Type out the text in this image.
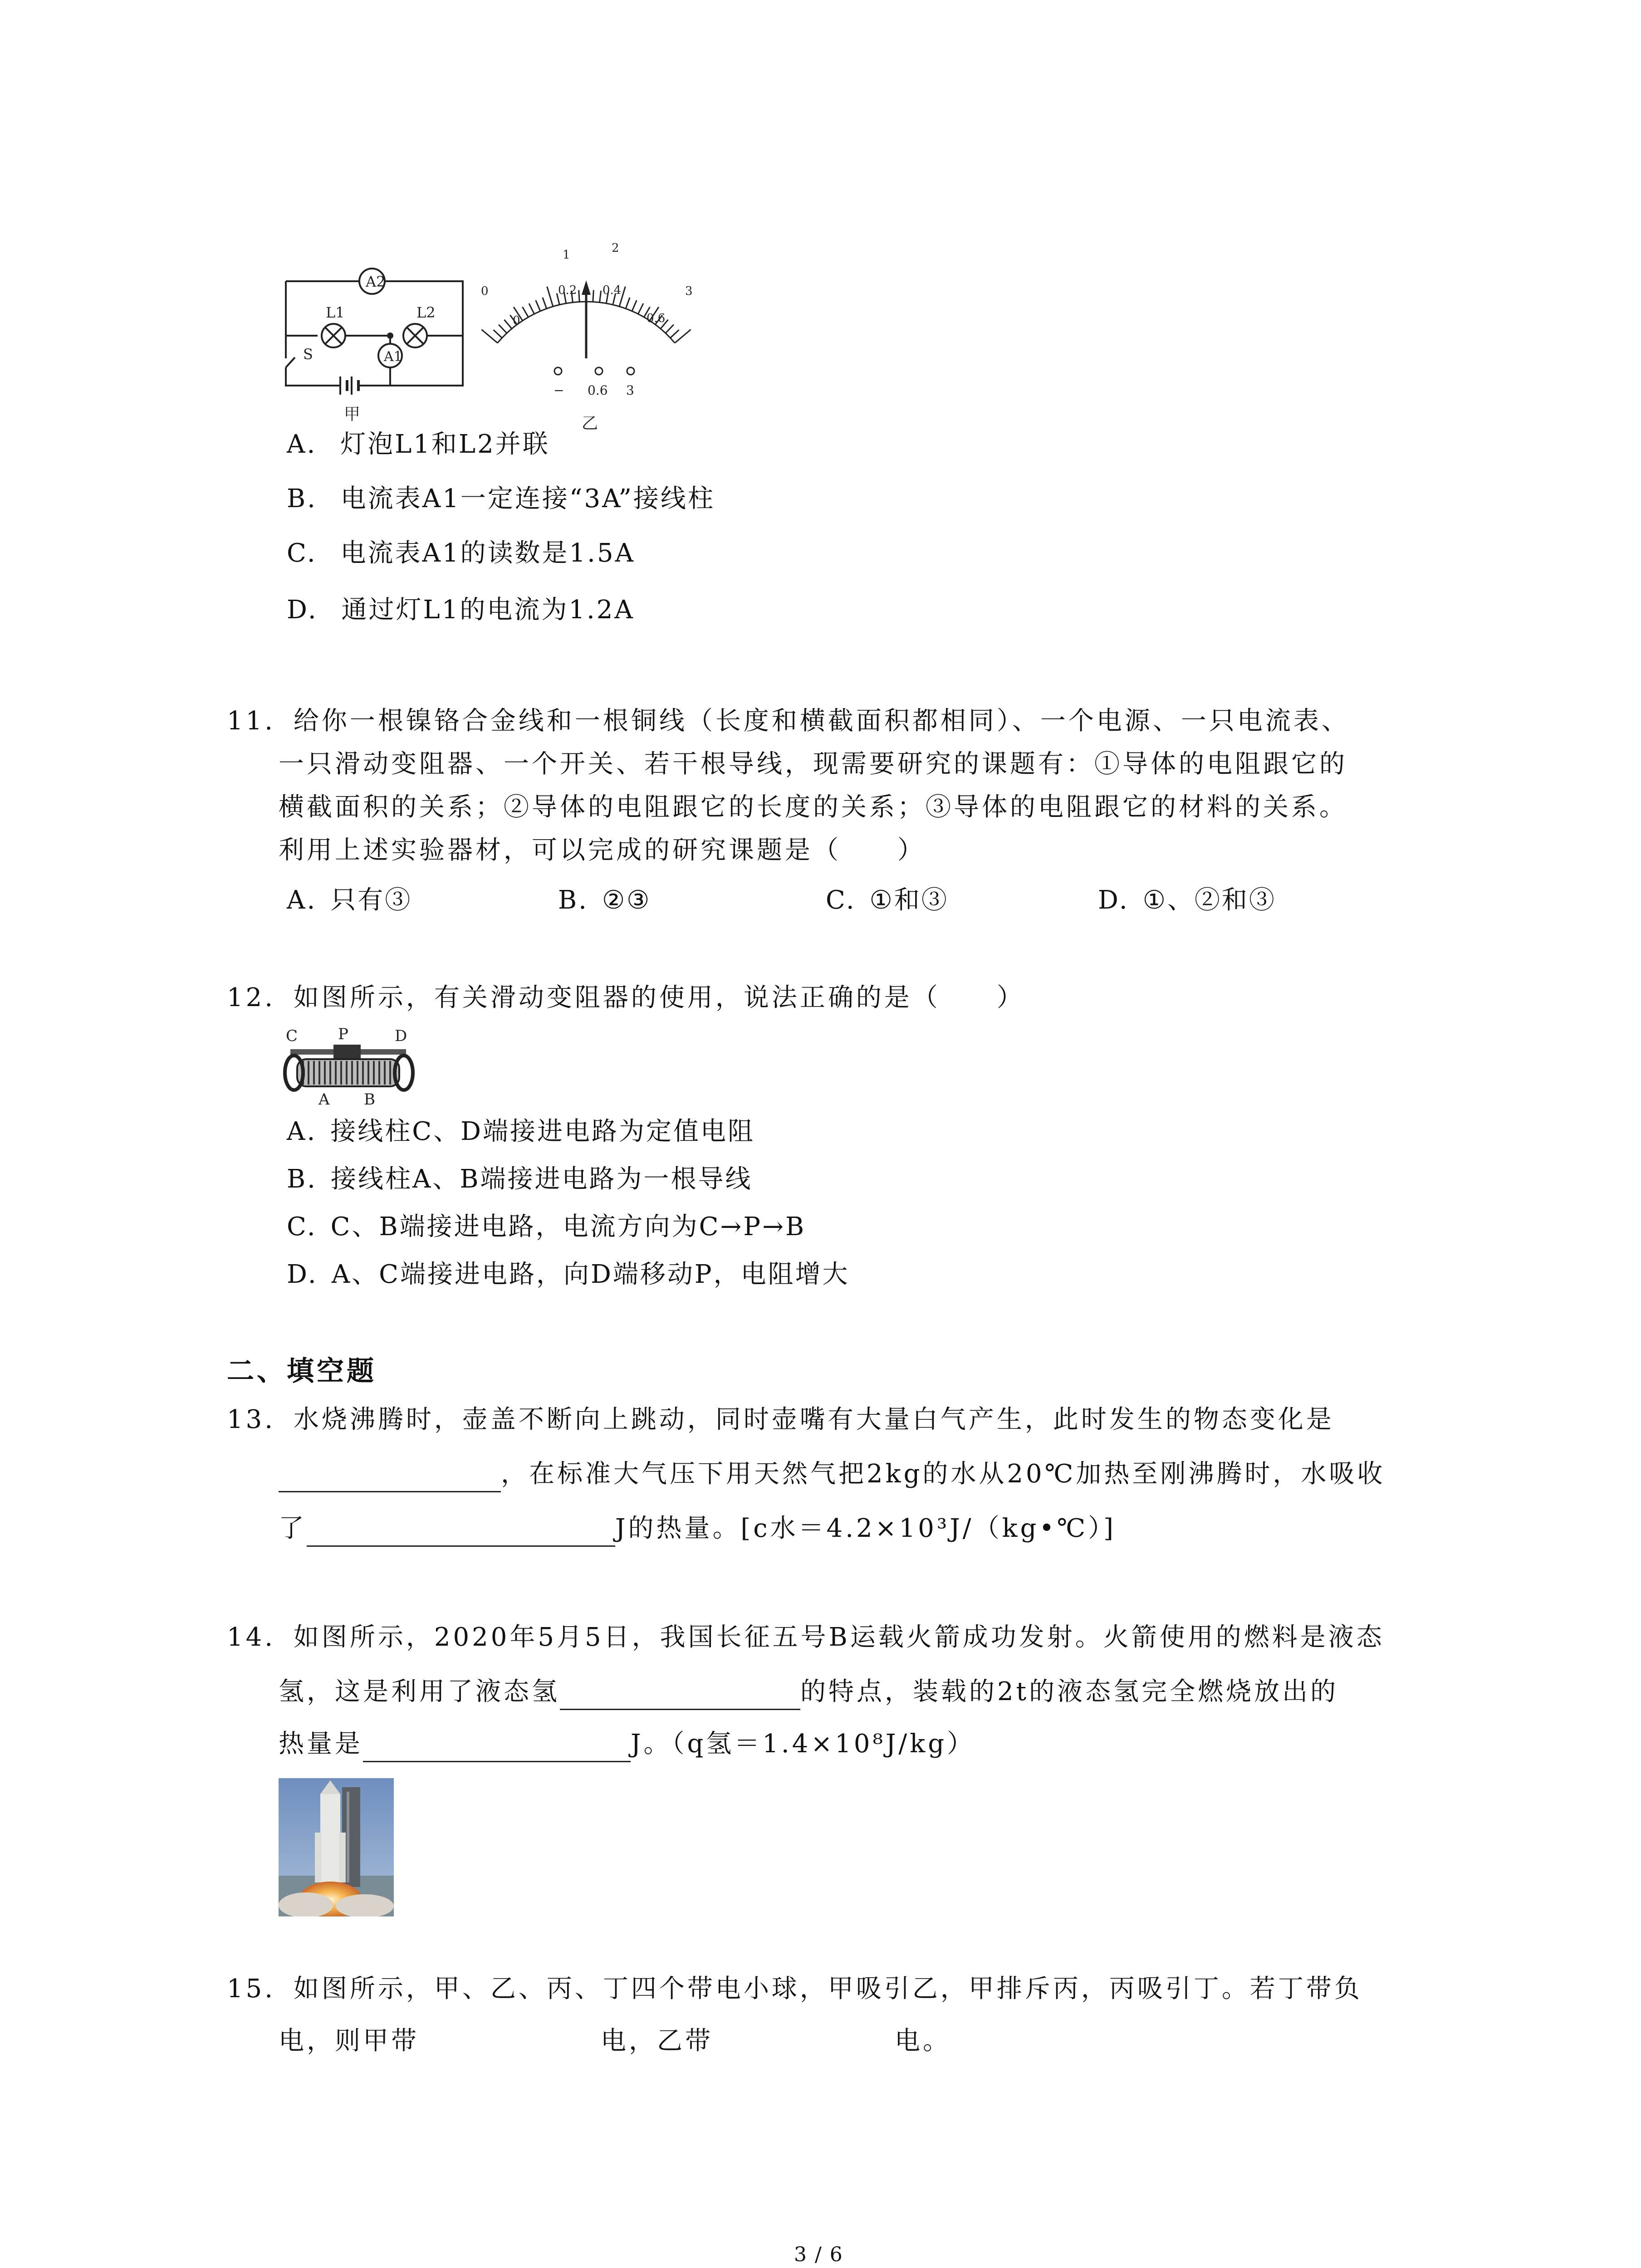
A2
A1
L1	L2
S
甲
1	2
3
0
0
0.2 0.4
0.6
− 0.6 3
乙
A. 灯泡L1和L2并联
B. 电流表A1一定连接“3A”接线柱
C. 电流表A1的读数是1.5A
D. 通过灯L1的电流为1.2A
11. 给你一根镍铬合金线和一根铜线（长度和横截面积都相同）、一个电源、一只电流表、
一只滑动变阻器、一个开关、若干根导线，现需要研究的课题有：①导体的电阻跟它的
横截面积的关系；②导体的电阻跟它的长度的关系；③导体的电阻跟它的材料的关系。
利用上述实验器材，可以完成的研究课题是（　　）
A. 只有③	B. ②③	C. ①和③	D. ①、②和③
12. 如图所示，有关滑动变阻器的使用，说法正确的是（　　）
C	P	D
A B
A. 接线柱C、D端接进电路为定值电阻
B. 接线柱A、B端接进电路为一根导线
C. C、B端接进电路，电流方向为C→P→B
D. A、C端接进电路，向D端移动P，电阻增大
二、填空题
13. 水烧沸腾时，壶盖不断向上跳动，同时壶嘴有大量白气产生，此时发生的物态变化是
，在标准大气压下用天然气把2kg的水从20℃加热至刚沸腾时，水吸收
了	J的热量。[c水＝4.2×10³J/（kg•℃）]
14. 如图所示，2020年5月5日，我国长征五号B运载火箭成功发射。火箭使用的燃料是液态
氢，这是利用了液态氢	的特点，装载的2t的液态氢完全燃烧放出的
热量是	J。（q氢＝1.4×10⁸J/kg）
15. 如图所示，甲、乙、丙、丁四个带电小球，甲吸引乙，甲排斥丙，丙吸引丁。若丁带负
电，则甲带	电，乙带	电。
3 / 6
